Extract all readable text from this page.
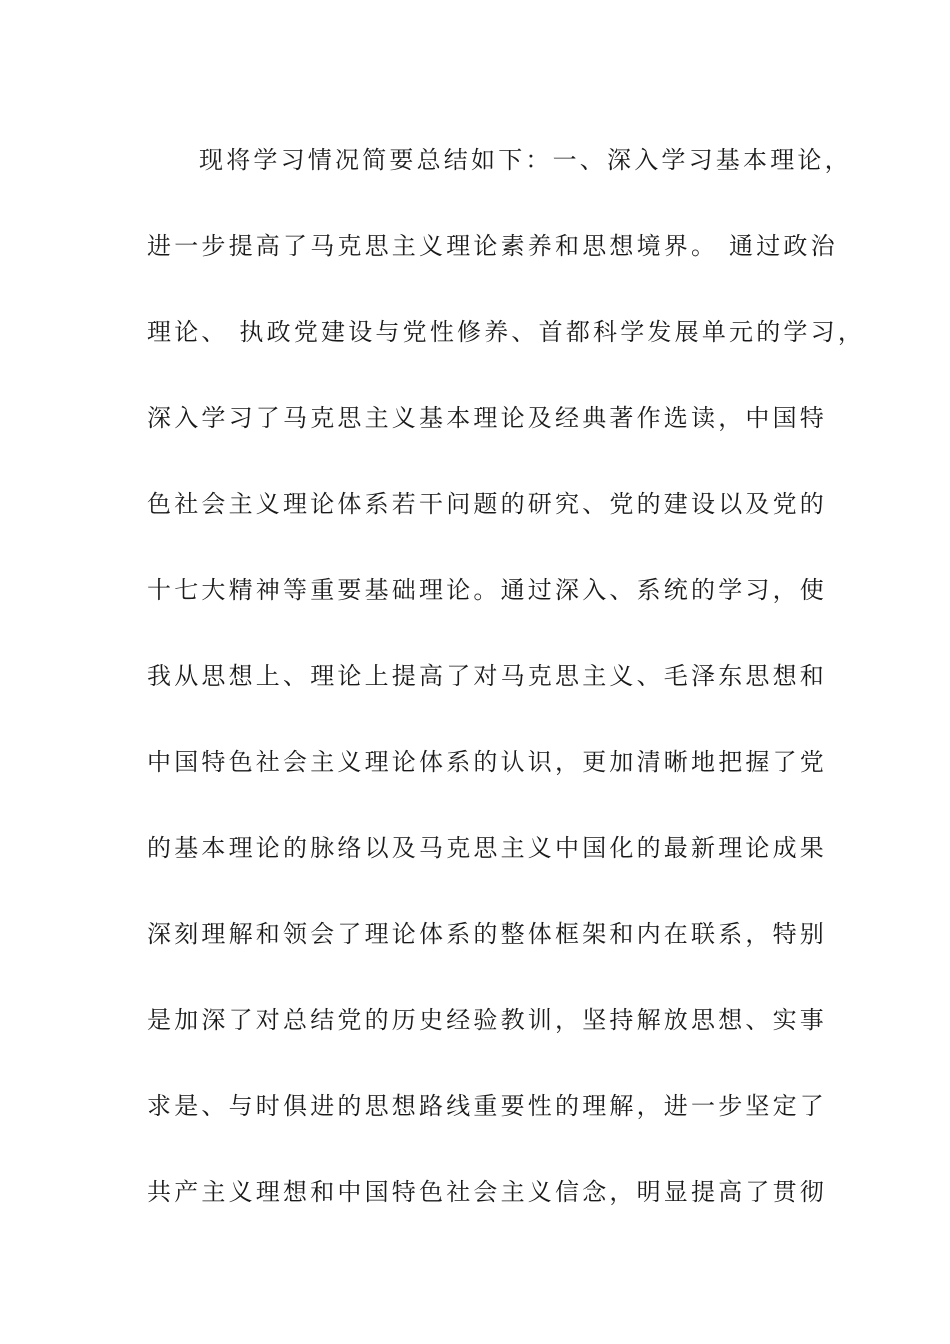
现将学习情况简要总结如下：一、深入学习基本理论，
进一步提高了马克思主义理论素养和思想境界。 通过政治
理论、 执政党建设与党性修养、首都科学发展单元的学习，
深入学习了马克思主义基本理论及经典著作选读，中国特
色社会主义理论体系若干问题的研究、党的建设以及党的
十七大精神等重要基础理论。通过深入、系统的学习，使
我从思想上、理论上提高了对马克思主义、毛泽东思想和
中国特色社会主义理论体系的认识，更加清晰地把握了党
的基本理论的脉络以及马克思主义中国化的最新理论成果
深刻理解和领会了理论体系的整体框架和内在联系，特别
是加深了对总结党的历史经验教训，坚持解放思想、实事
求是、与时俱进的思想路线重要性的理解，进一步坚定了
共产主义理想和中国特色社会主义信念，明显提高了贯彻
